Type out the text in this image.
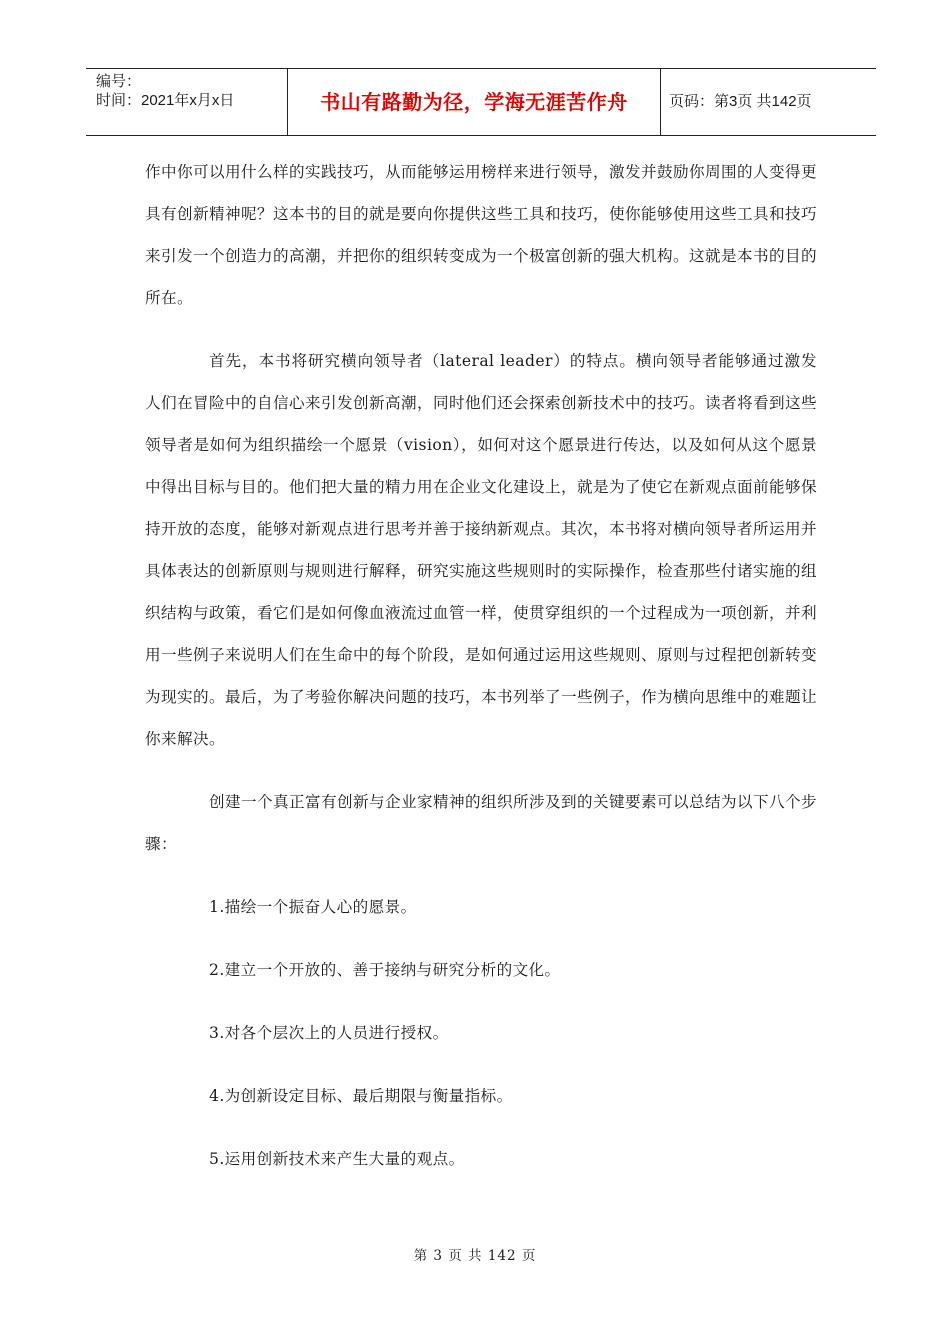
编号：
时间：2021年x月x日	书山有路勤为径，学海无涯苦作舟	页码：第3页 共142页

作中你可以用什么样的实践技巧，从而能够运用榜样来进行领导，激发并鼓励你周围的人变得更具有创新精神呢？这本书的目的就是要向你提供这些工具和技巧，使你能够使用这些工具和技巧来引发一个创造力的高潮，并把你的组织转变成为一个极富创新的强大机构。这就是本书的目的所在。

首先，本书将研究横向领导者（lateral leader）的特点。横向领导者能够通过激发人们在冒险中的自信心来引发创新高潮，同时他们还会探索创新技术中的技巧。读者将看到这些领导者是如何为组织描绘一个愿景（vision），如何对这个愿景进行传达，以及如何从这个愿景中得出目标与目的。他们把大量的精力用在企业文化建设上，就是为了使它在新观点面前能够保持开放的态度，能够对新观点进行思考并善于接纳新观点。其次，本书将对横向领导者所运用并具体表达的创新原则与规则进行解释，研究实施这些规则时的实际操作，检查那些付诸实施的组织结构与政策，看它们是如何像血液流过血管一样，使贯穿组织的一个过程成为一项创新，并利用一些例子来说明人们在生命中的每个阶段，是如何通过运用这些规则、原则与过程把创新转变为现实的。最后，为了考验你解决问题的技巧，本书列举了一些例子，作为横向思维中的难题让你来解决。

创建一个真正富有创新与企业家精神的组织所涉及到的关键要素可以总结为以下八个步骤：

1.描绘一个振奋人心的愿景。

2.建立一个开放的、善于接纳与研究分析的文化。

3.对各个层次上的人员进行授权。

4.为创新设定目标、最后期限与衡量指标。

5.运用创新技术来产生大量的观点。

第 3 页 共 142 页
